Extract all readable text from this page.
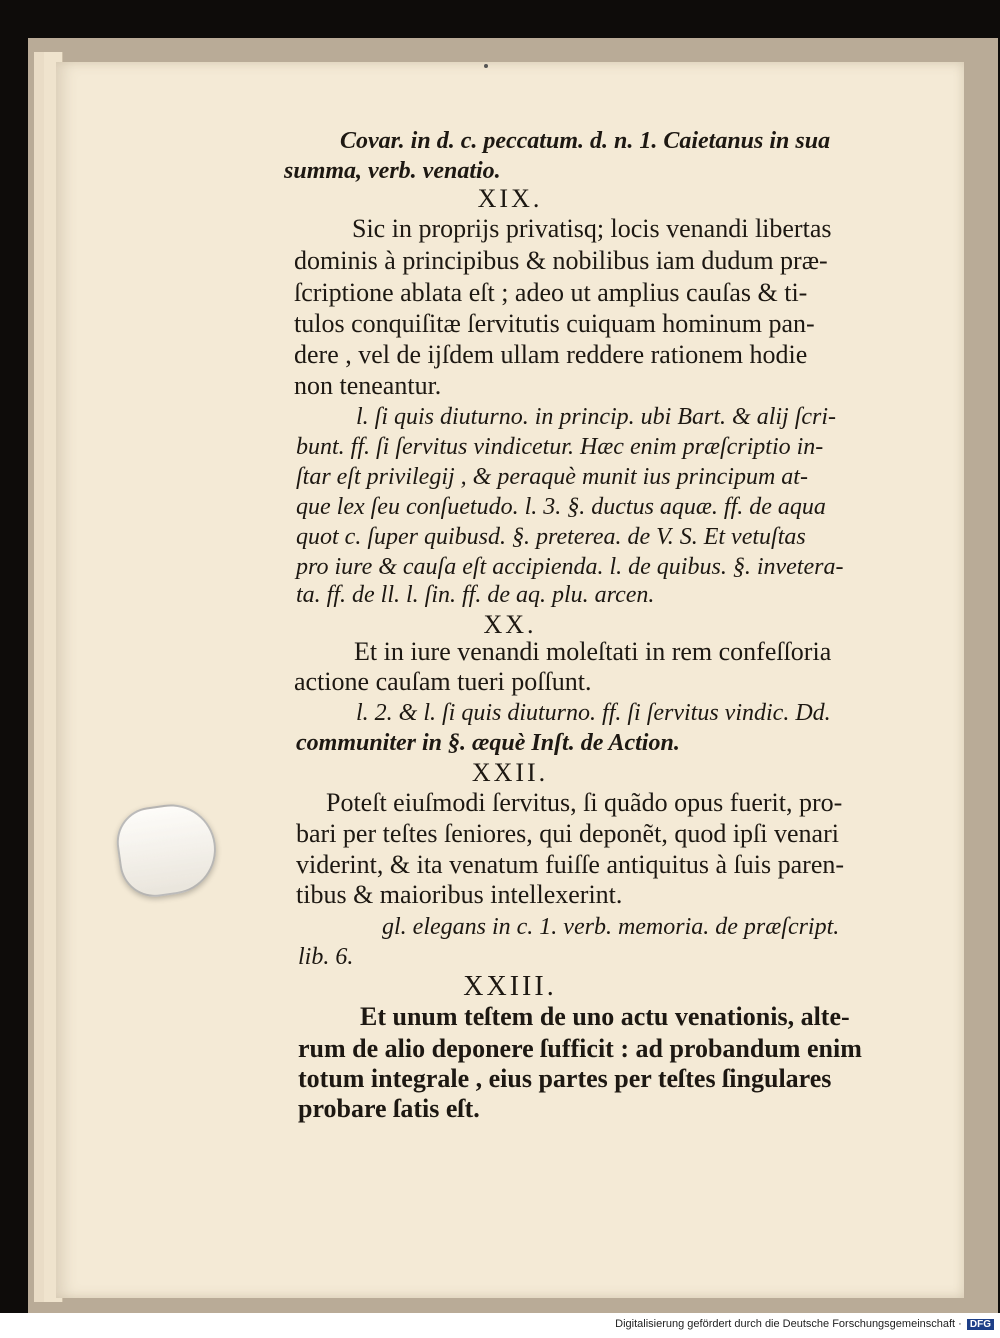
Covar. in d. c. peccatum. d. n. 1. Caietanus in sua

summa, verb. venatio.

XIX.

Sic in proprijs privatisq; locis venandi libertas

dominis à principibus & nobilibus iam dudum præ-

ſcriptione ablata eſt ; adeo ut amplius cauſas & ti-

tulos conquiſitæ ſervitutis cuiquam hominum pan-

dere , vel de ijſdem ullam reddere rationem hodie

non teneantur.

l. ſi quis diuturno. in princip. ubi Bart. & alij ſcri-

bunt. ff. ſi ſervitus vindicetur. Hæc enim præſcriptio in-

ſtar eſt privilegij , & peraquè munit ius principum at-

que lex ſeu conſuetudo. l. 3. §. ductus aquæ. ff. de aqua

quot c. ſuper quibusd. §. preterea. de V. S. Et vetuſtas

pro iure & cauſa eſt accipienda. l. de quibus. §. invetera-

ta. ff. de ll. l. ſin. ff. de aq. plu. arcen.

XX.

Et in iure venandi moleſtati in rem confeſſoria

actione cauſam tueri poſſunt.

l. 2. & l. ſi quis diuturno. ff. ſi ſervitus vindic. Dd.

communiter in §. æquè Inſt. de Action.

XXII.

Poteſt eiuſmodi ſervitus, ſi quãdo opus fuerit, pro-

bari per teſtes ſeniores, qui deponẽt, quod ipſi venari

viderint, & ita venatum fuiſſe antiquitus à ſuis paren-

tibus & maioribus intellexerint.

gl. elegans in c. 1. verb. memoria. de præſcript.

lib. 6.

XXIII.

Et unum teſtem de uno actu venationis, alte-

rum de alio deponere ſufficit : ad probandum enim

totum integrale , eius partes per teſtes ſingulares

probare ſatis eſt.

Digitalisierung gefördert durch die Deutsche Forschungsgemeinschaft · DFG
